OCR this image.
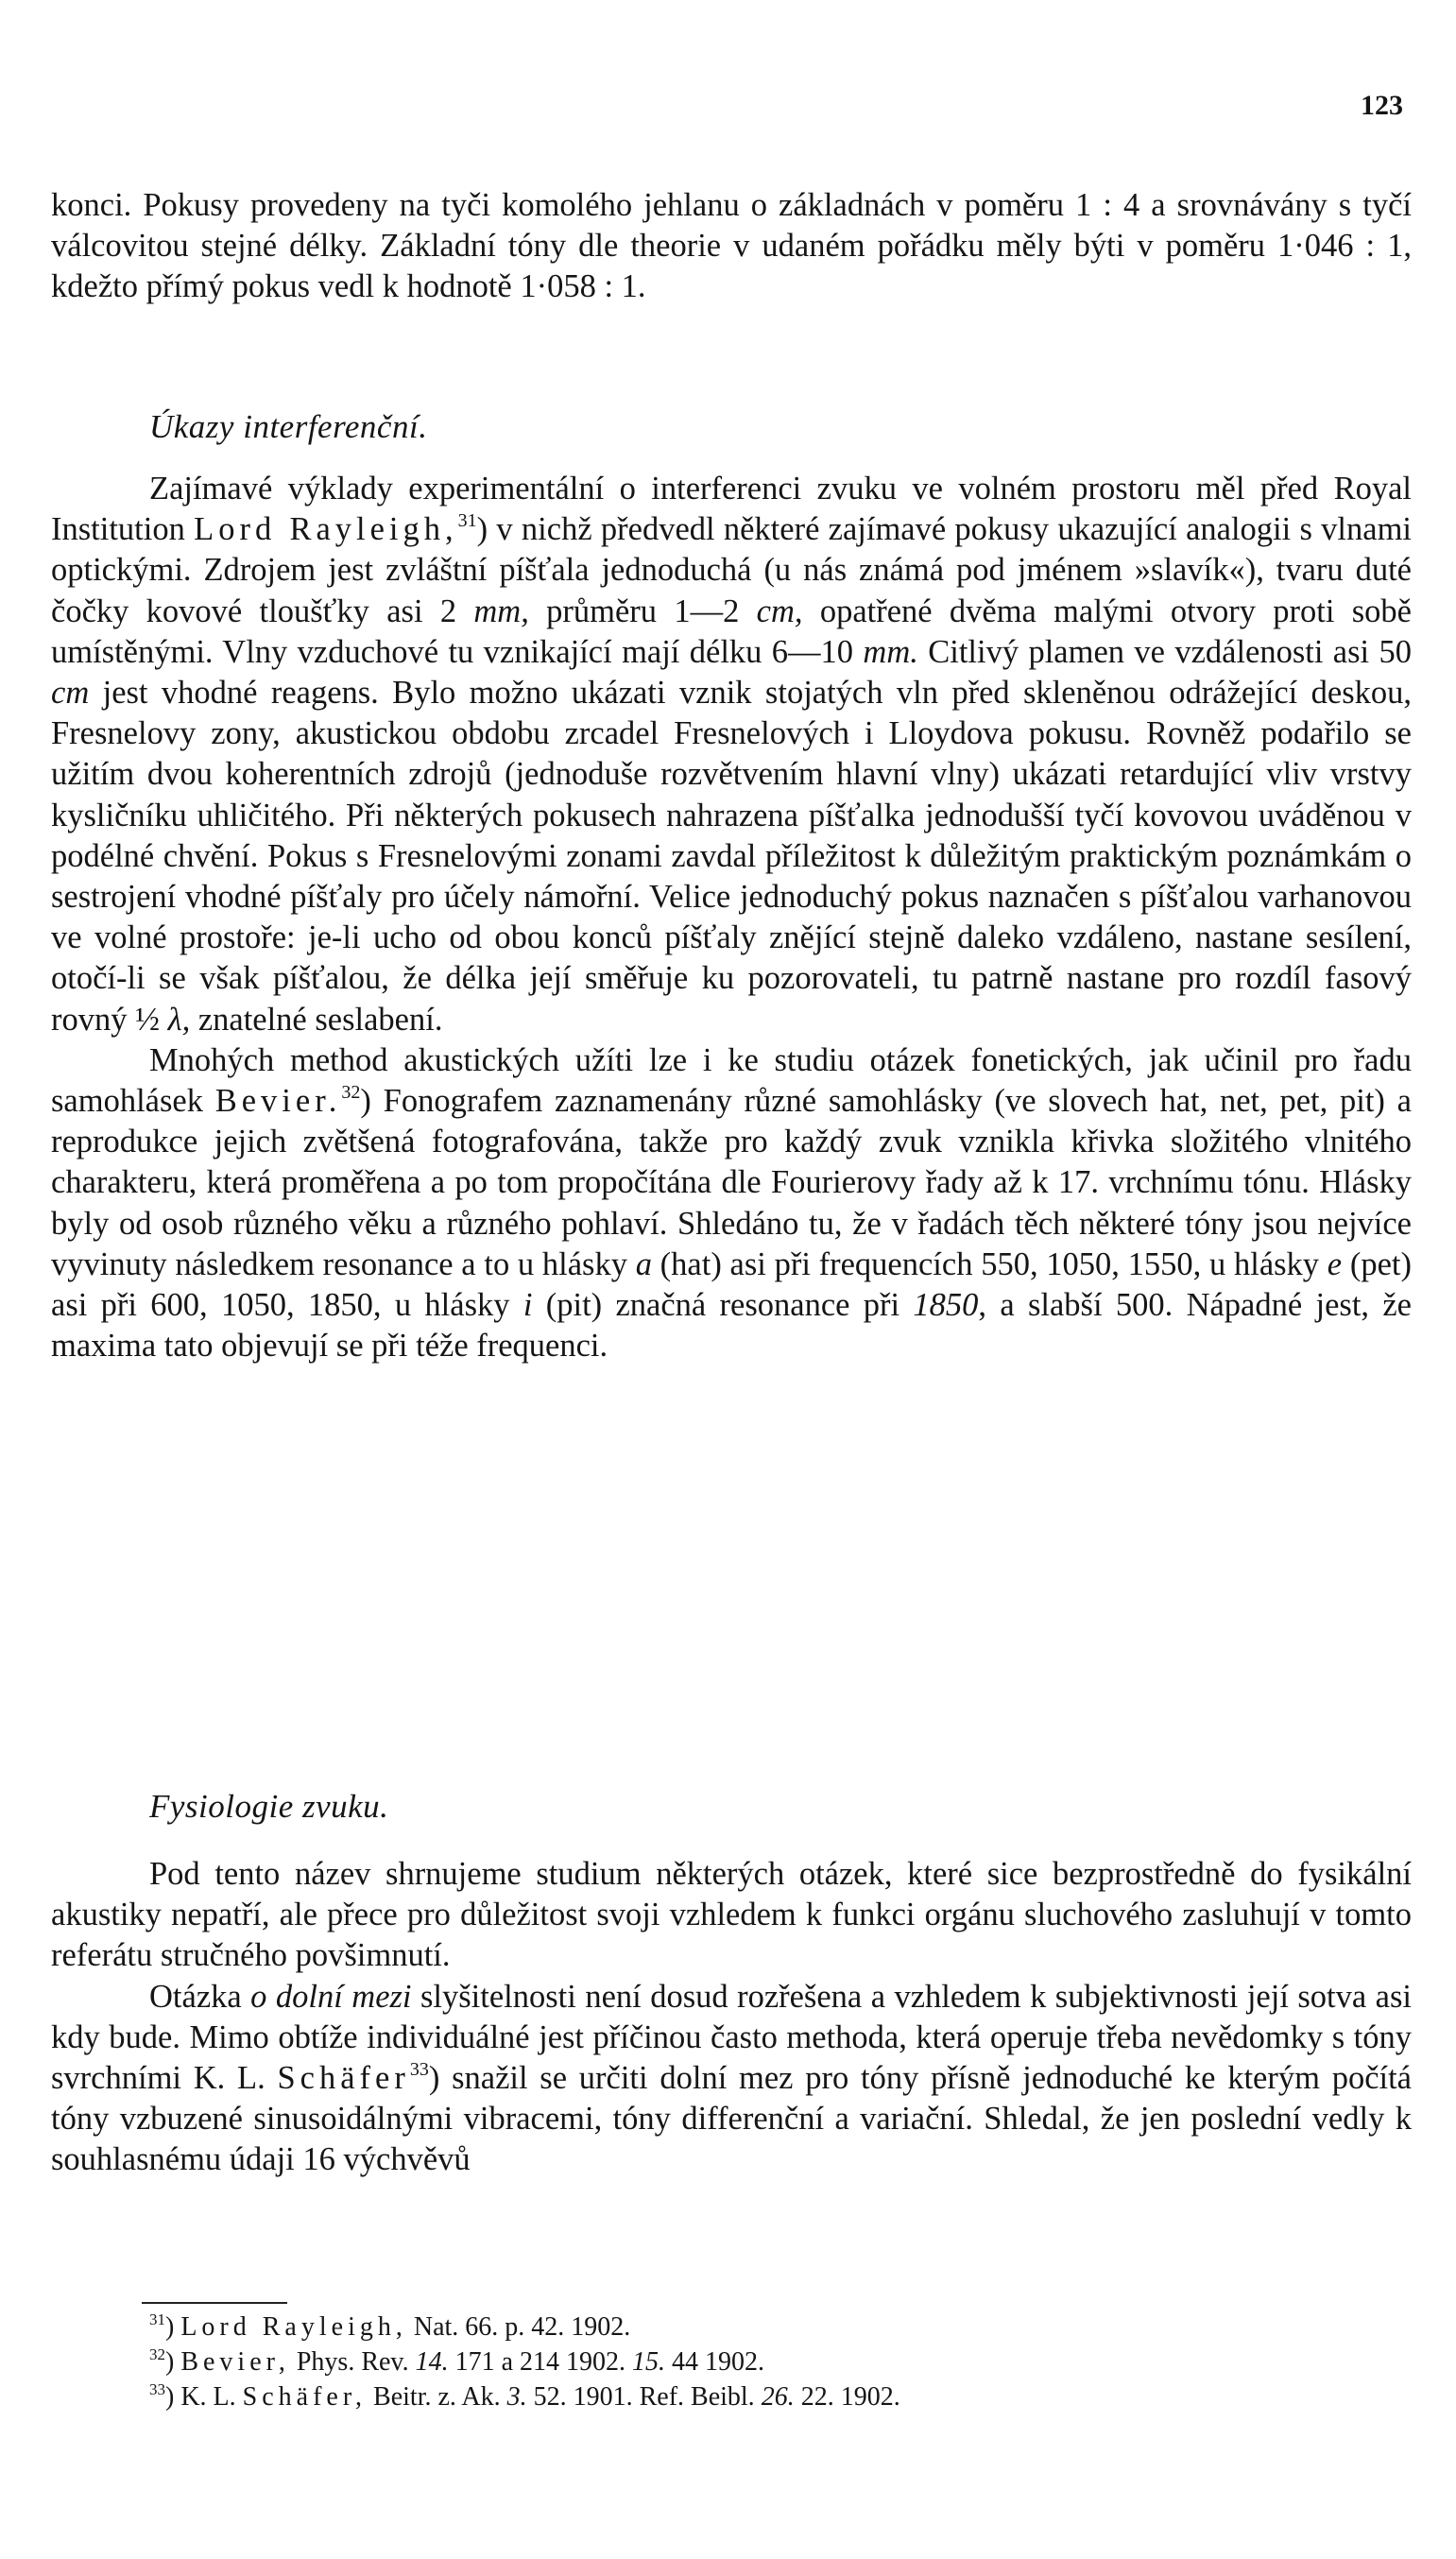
123

konci. Pokusy provedeny na tyči komolého jehlanu o základnách v poměru 1 : 4 a srovnávány s tyčí válcovitou stejné délky. Základní tóny dle theorie v udaném pořádku měly býti v poměru 1·046 : 1, kdežto přímý pokus vedl k hodnotě 1·058 : 1.

Úkazy interferenční.

Zajímavé výklady experimentální o interferenci zvuku ve volném prostoru měl před Royal Institution Lord Rayleigh,$^{31}$) v nichž předvedl některé zajímavé pokusy ukazující analogii s vlnami optickými. Zdrojem jest zvláštní píšťala jednoduchá (u nás známá pod jménem »slavík«), tvaru duté čočky kovové tloušťky asi 2 mm, průměru 1—2 cm, opatřené dvěma malými otvory proti sobě umístěnými. Vlny vzduchové tu vznikající mají délku 6—10 mm. Citlivý plamen ve vzdálenosti asi 50 cm jest vhodné reagens. Bylo možno ukázati vznik stojatých vln před skleněnou odrážející deskou, Fresnelovy zony, akustickou obdobu zrcadel Fresnelových i Lloydova pokusu. Rovněž podařilo se užitím dvou koherentních zdrojů (jednoduše rozvětvením hlavní vlny) ukázati retardující vliv vrstvy kysličníku uhličitého. Při některých pokusech nahrazena píšťalka jednodušší tyčí kovovou uváděnou v podélné chvění. Pokus s Fresnelovými zonami zavdal příležitost k důležitým praktickým poznámkám o sestrojení vhodné píšťaly pro účely námořní. Velice jednoduchý pokus naznačen s píšťalou varhanovou ve volné prostoře: je-li ucho od obou konců píšťaly znějící stejně daleko vzdáleno, nastane sesílení, otočí-li se však píšťalou, že délka její směřuje ku pozorovateli, tu patrně nastane pro rozdíl fasový rovný ½ λ, znatelné seslabení.

Mnohých method akustických užíti lze i ke studiu otázek fonetických, jak učinil pro řadu samohlásek Bevier.$^{32}$) Fonografem zaznamenány různé samohlásky (ve slovech hat, net, pet, pit) a reprodukce jejich zvětšená fotografována, takže pro každý zvuk vznikla křivka složitého vlnitého charakteru, která proměřena a po tom propočítána dle Fourierovy řady až k 17. vrchnímu tónu. Hlásky byly od osob různého věku a různého pohlaví. Shledáno tu, že v řadách těch některé tóny jsou nejvíce vyvinuty následkem resonance a to u hlásky a (hat) asi při frequencích 550, 1050, 1550, u hlásky e (pet) asi při 600, 1050, 1850, u hlásky i (pit) značná resonance při 1850, a slabší 500. Nápadné jest, že maxima tato objevují se při téže frequenci.

Fysiologie zvuku.

Pod tento název shrnujeme studium některých otázek, které sice bezprostředně do fysikální akustiky nepatří, ale přece pro důležitost svoji vzhledem k funkci orgánu sluchového zasluhují v tomto referátu stručného povšimnutí.

Otázka o dolní mezi slyšitelnosti není dosud rozřešena a vzhledem k subjektivnosti její sotva asi kdy bude. Mimo obtíže individuálné jest příčinou často methoda, která operuje třeba nevědomky s tóny svrchními K. L. Schäfer$^{33}$) snažil se určiti dolní mez pro tóny přísně jednoduché ke kterým počítá tóny vzbuzené sinusoidálnými vibracemi, tóny differenční a variační. Shledal, že jen poslední vedly k souhlasnému údaji 16 výchvěvů

$^{31}$) Lord Rayleigh, Nat. 66. p. 42. 1902.

$^{32}$) Bevier, Phys. Rev. 14. 171 a 214 1902. 15. 44 1902.

$^{33}$) K. L. Schäfer, Beitr. z. Ak. 3. 52. 1901. Ref. Beibl. 26. 22. 1902.
